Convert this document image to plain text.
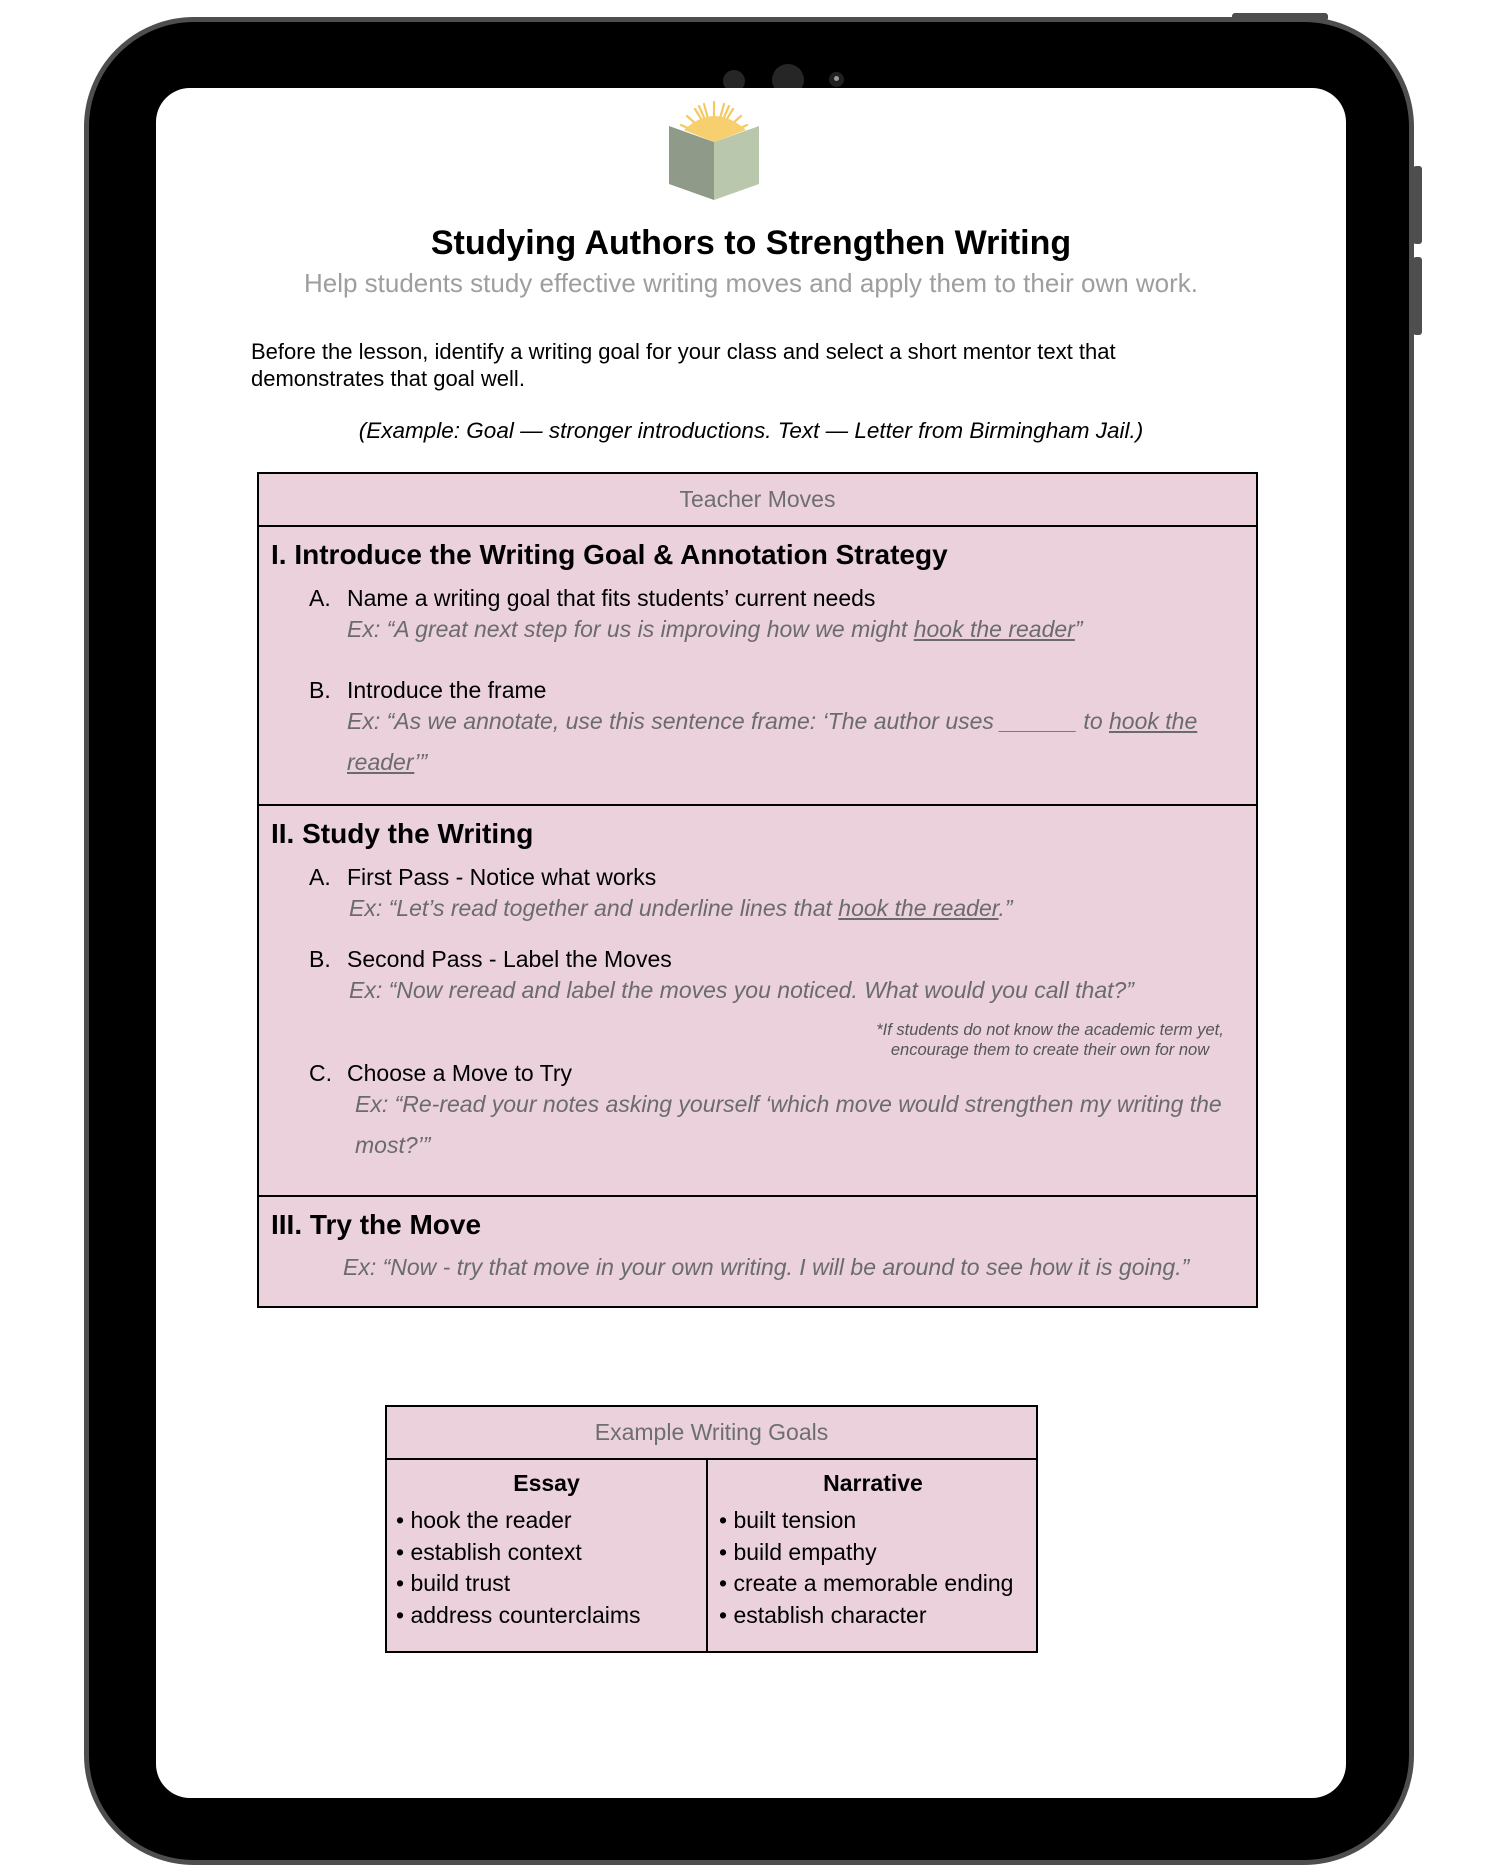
Studying Authors to Strengthen Writing
Help students study effective writing moves and apply them to their own work.
Before the lesson, identify a writing goal for your class and select a short mentor text that demonstrates that goal well.
(Example: Goal — stronger introductions. Text — Letter from Birmingham Jail.)
Teacher Moves
I. Introduce the Writing Goal & Annotation Strategy
A. Name a writing goal that fits students’ current needs
Ex: “A great next step for us is improving how we might hook the reader”
B. Introduce the frame
Ex: “As we annotate, use this sentence frame: ‘The author uses ______ to hook the reader’”
II. Study the Writing
A. First Pass - Notice what works
Ex: “Let’s read together and underline lines that hook the reader.”
B. Second Pass - Label the Moves
Ex: “Now reread and label the moves you noticed. What would you call that?”
*If students do not know the academic term yet,
encourage them to create their own for now
C. Choose a Move to Try
Ex: “Re-read your notes asking yourself ‘which move would strengthen my writing the most?’”
III. Try the Move
Ex: “Now - try that move in your own writing. I will be around to see how it is going.”
Example Writing Goals
Essay
• hook the reader
• establish context
• build trust
• address counterclaims
Narrative
• built tension
• build empathy
• create a memorable ending
• establish character
